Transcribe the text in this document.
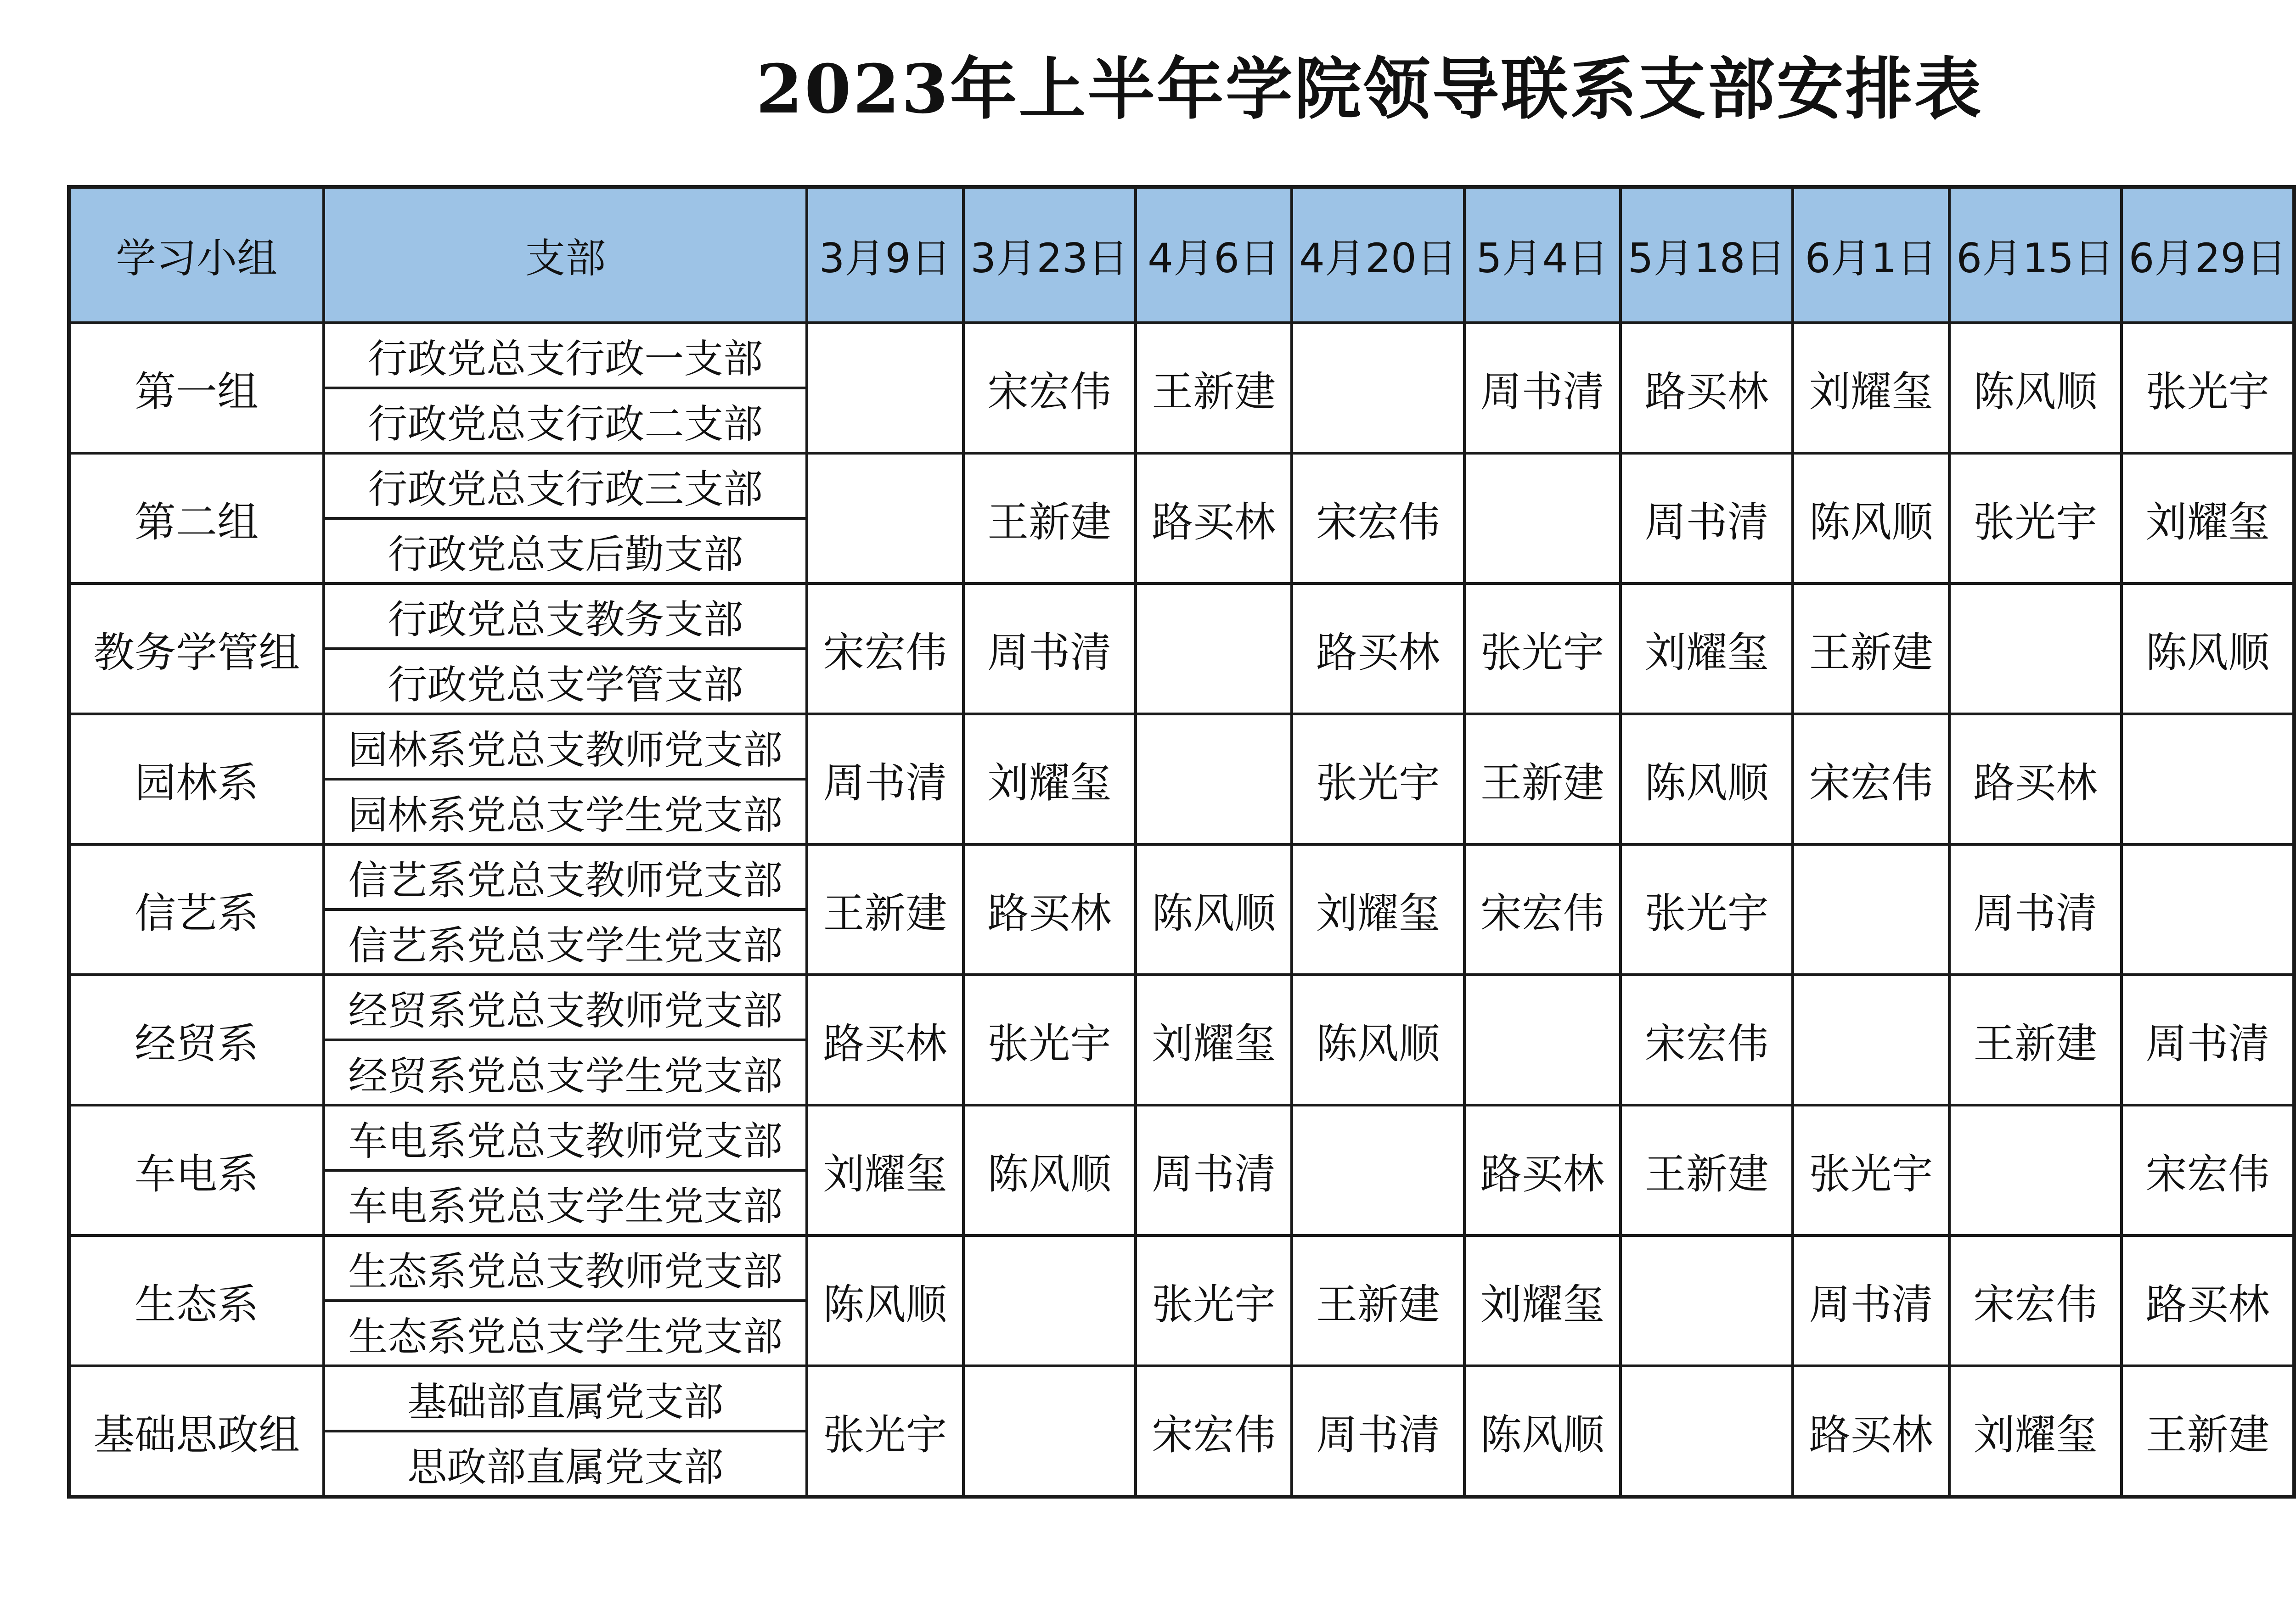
2023年上半年学院领导联系支部安排表
学习小组	支部	3月9日	3月23日	4月6日	4月20日	5月4日	5月18日	6月1日	6月15日	6月29日
第一组	行政党总支行政一支部		宋宏伟	王新建		周书清	路买林	刘耀玺	陈风顺	张光宇
	行政党总支行政二支部									
第二组	行政党总支行政三支部		王新建	路买林	宋宏伟		周书清	陈风顺	张光宇	刘耀玺
	行政党总支后勤支部									
教务学管组	行政党总支教务支部	宋宏伟	周书清		路买林	张光宇	刘耀玺	王新建		陈风顺
	行政党总支学管支部									
园林系	园林系党总支教师党支部	周书清	刘耀玺		张光宇	王新建	陈风顺	宋宏伟	路买林	
	园林系党总支学生党支部									
信艺系	信艺系党总支教师党支部	王新建	路买林	陈风顺	刘耀玺	宋宏伟	张光宇		周书清	
	信艺系党总支学生党支部									
经贸系	经贸系党总支教师党支部	路买林	张光宇	刘耀玺	陈风顺		宋宏伟		王新建	周书清
	经贸系党总支学生党支部									
车电系	车电系党总支教师党支部	刘耀玺	陈风顺	周书清		路买林	王新建	张光宇		宋宏伟
	车电系党总支学生党支部									
生态系	生态系党总支教师党支部	陈风顺		张光宇	王新建	刘耀玺		周书清	宋宏伟	路买林
	生态系党总支学生党支部									
基础思政组	基础部直属党支部	张光宇		宋宏伟	周书清	陈风顺		路买林	刘耀玺	王新建
	思政部直属党支部									
